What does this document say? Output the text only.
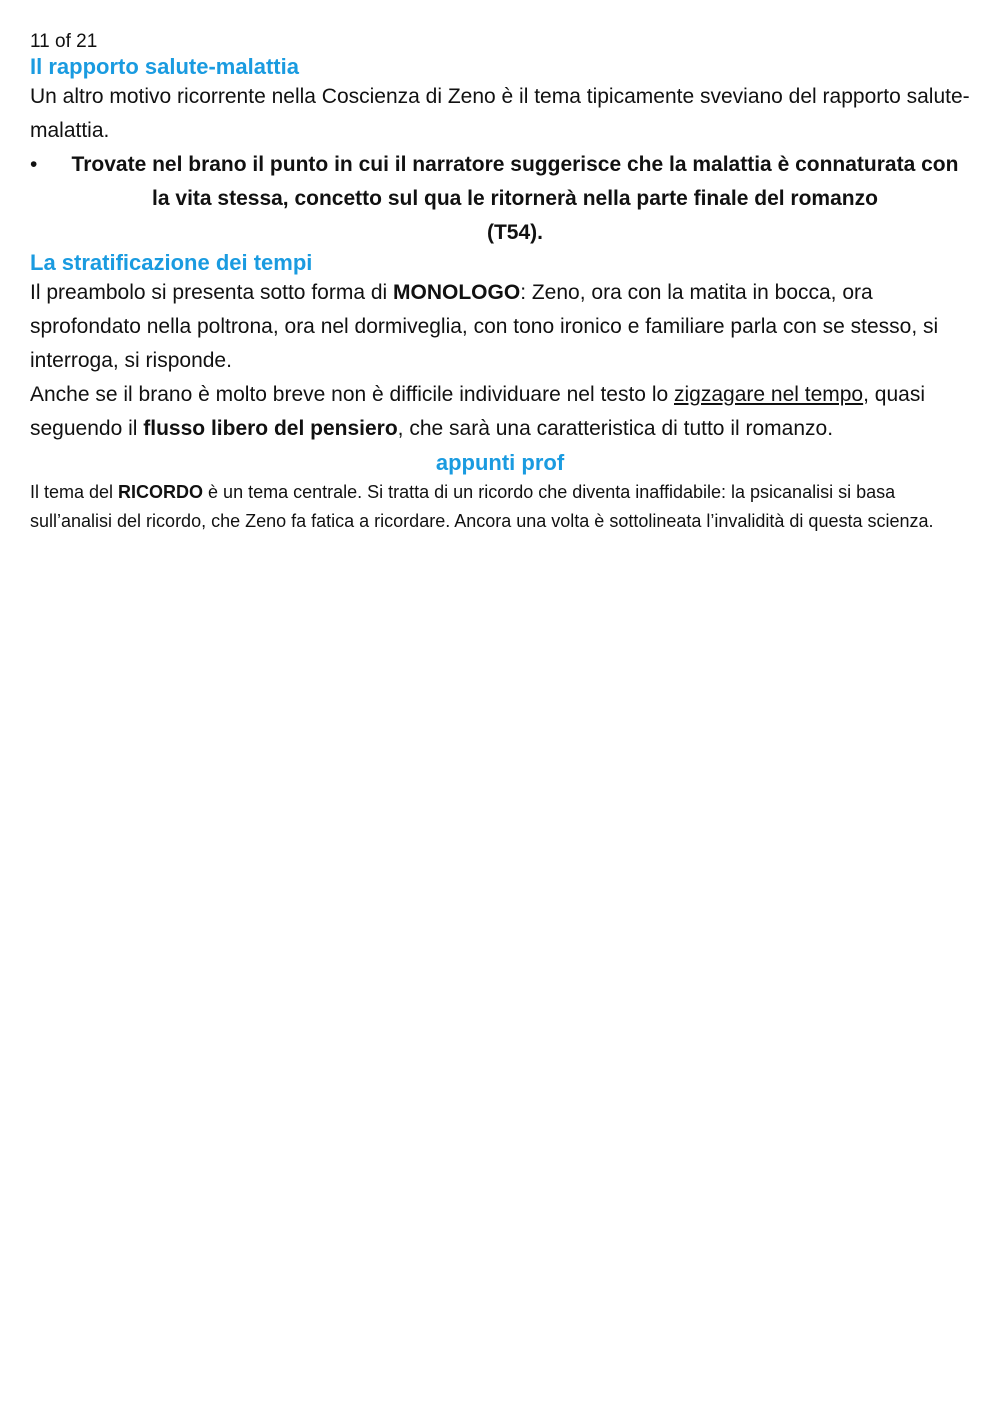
11 of 21

Il rapporto salute-malattia

Un altro motivo ricorrente nella Coscienza di Zeno è il tema tipicamente sveviano del rapporto salute-malattia.

• Trovate nel brano il punto in cui il narratore suggerisce che la malattia è connaturata con la vita stessa, concetto sul qua le ritornerà nella parte finale del romanzo
(T54).
La stratificazione dei tempi

Il preambolo si presenta sotto forma di MONOLOGO: Zeno, ora con la matita in bocca, ora sprofondato nella poltrona, ora nel dormiveglia, con tono ironico e familiare parla con se stesso, si interroga, si risponde.

Anche se il brano è molto breve non è difficile individuare nel testo lo zigzagare nel tempo, quasi seguendo il flusso libero del pensiero, che sarà una caratteristica di tutto il romanzo.

appunti prof

Il tema del RICORDO è un tema centrale. Si tratta di un ricordo che diventa inaffidabile: la psicanalisi si basa sull’analisi del ricordo, che Zeno fa fatica a ricordare. Ancora una volta è sottolineata l’invalidità di questa scienza.
